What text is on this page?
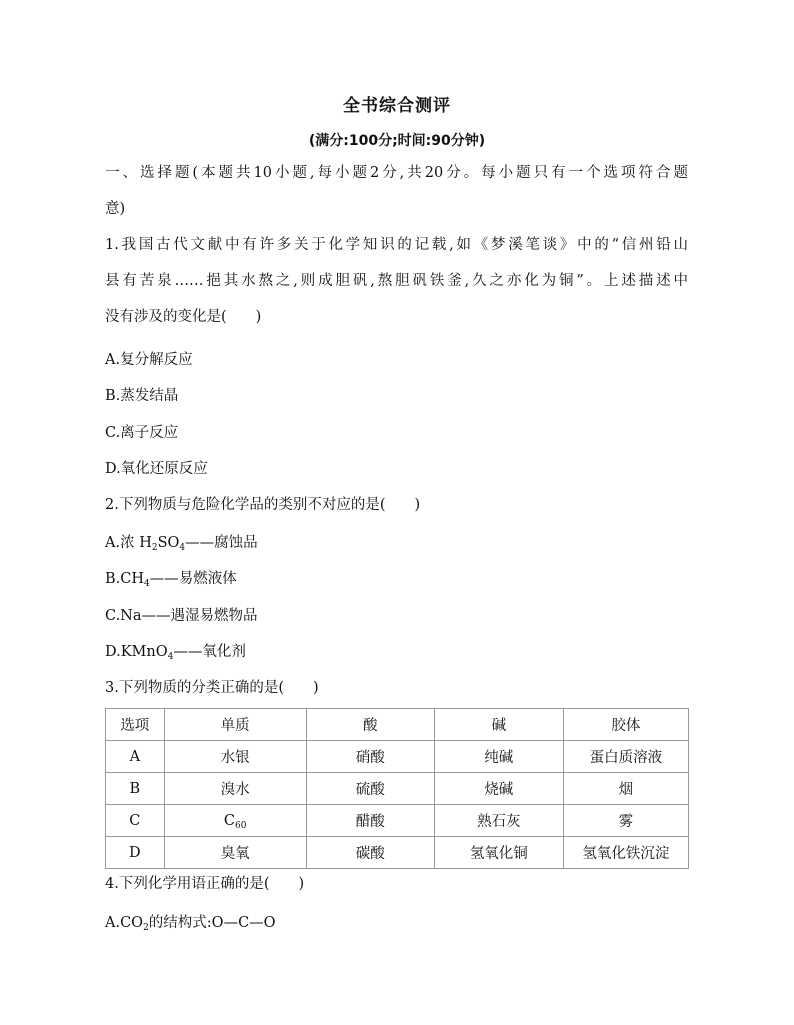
全书综合测评
(满分:100分;时间:90分钟)
一、选择题(本题共10小题,每小题2分,共20分。每小题只有一个选项符合题
意)
1.我国古代文献中有许多关于化学知识的记载,如《梦溪笔谈》中的“信州铅山
县有苦泉……挹其水熬之,则成胆矾,熬胆矾铁釜,久之亦化为铜”。上述描述中
没有涉及的变化是(　　)
A.复分解反应
B.蒸发结晶
C.离子反应
D.氧化还原反应
2.下列物质与危险化学品的类别不对应的是(　　)
A.浓 $H_2SO_4——$腐蚀品
$B.CH_4——$易燃液体
C.Na——遇湿易燃物品
D.KMnO$_4$——氧化剂
3.下列物质的分类正确的是(　　)
选项	单质	酸	碱	胶体
A	水银	硝酸	纯碱	蛋白质溶液
B	溴水	硫酸	烧碱	烟
C	$C_{60}$	醋酸	熟石灰	雾
D	臭氧	碳酸	氢氧化铜	氢氧化铁沉淀
4.下列化学用语正确的是(　　)
$A.CO_2$的结构式:O—C—O
